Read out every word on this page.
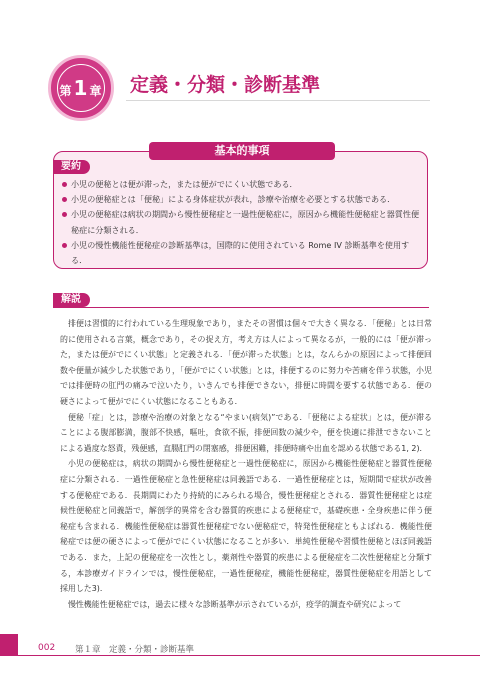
第1章 定義・分類・診断基準
基本的事項
要約
小児の便秘とは便が滞った，または便がでにくい状態である．
小児の便秘症とは「便秘」による身体症状が表れ，診療や治療を必要とする状態である．
小児の便秘症は病状の期間から慢性便秘症と一過性便秘症に，原因から機能性便秘症と器質性便秘症に分類される．
小児の慢性機能性便秘症の診断基準は，国際的に使用されている Rome IV 診断基準を使用する．
解説

排便は習慣的に行われている生理現象であり，またその習慣は個々で大きく異なる．「便秘」とは日常的に使用される言葉，概念であり，その捉え方，考え方は人によって異なるが，一般的には「便が滞った，または便がでにくい状態」と定義される．「便が滞った状態」とは，なんらかの原因によって排便回数や便量が減少した状態であり，「便がでにくい状態」とは，排便するのに努力や苦痛を伴う状態，小児では排便時の肛門の痛みで泣いたり，いきんでも排便できない，排便に時間を要する状態である．便の硬さによって便がでにくい状態になることもある．

便秘「症」とは，診療や治療の対象となる“やまい(病気)”である．「便秘による症状」とは，便が滞ることによる腹部膨満，腹部不快感，嘔吐，食欲不振，排便回数の減少や，便を快適に排泄できないことによる過度な怒責，残便感，直腸肛門の閉塞感，排便困難，排便時痛や出血を認める状態である1, 2)．

小児の便秘症は，病状の期間から慢性便秘症と一過性便秘症に，原因から機能性便秘症と器質性便秘症に分類される．一過性便秘症と急性便秘症は同義語である．一過性便秘症とは，短期間で症状が改善する便秘症である．長期間にわたり持続的にみられる場合，慢性便秘症とされる．器質性便秘症とは症候性便秘症と同義語で，解剖学的異常を含む器質的疾患による便秘症で，基礎疾患・全身疾患に伴う便秘症も含まれる．機能性便秘症は器質性便秘症でない便秘症で，特発性便秘症ともよばれる．機能性便秘症では便の硬さによって便がでにくい状態になることが多い．単純性便秘や習慣性便秘とほぼ同義語である．また，上記の便秘症を一次性とし，薬剤性や器質的疾患による便秘症を二次性便秘症と分類する，本診療ガイドラインでは，慢性便秘症，一過性便秘症，機能性便秘症，器質性便秘症を用語として採用した3)．

慢性機能性便秘症では，過去に様々な診断基準が示されているが，疫学的調査や研究によって

002 第１章　定義・分類・診断基準
